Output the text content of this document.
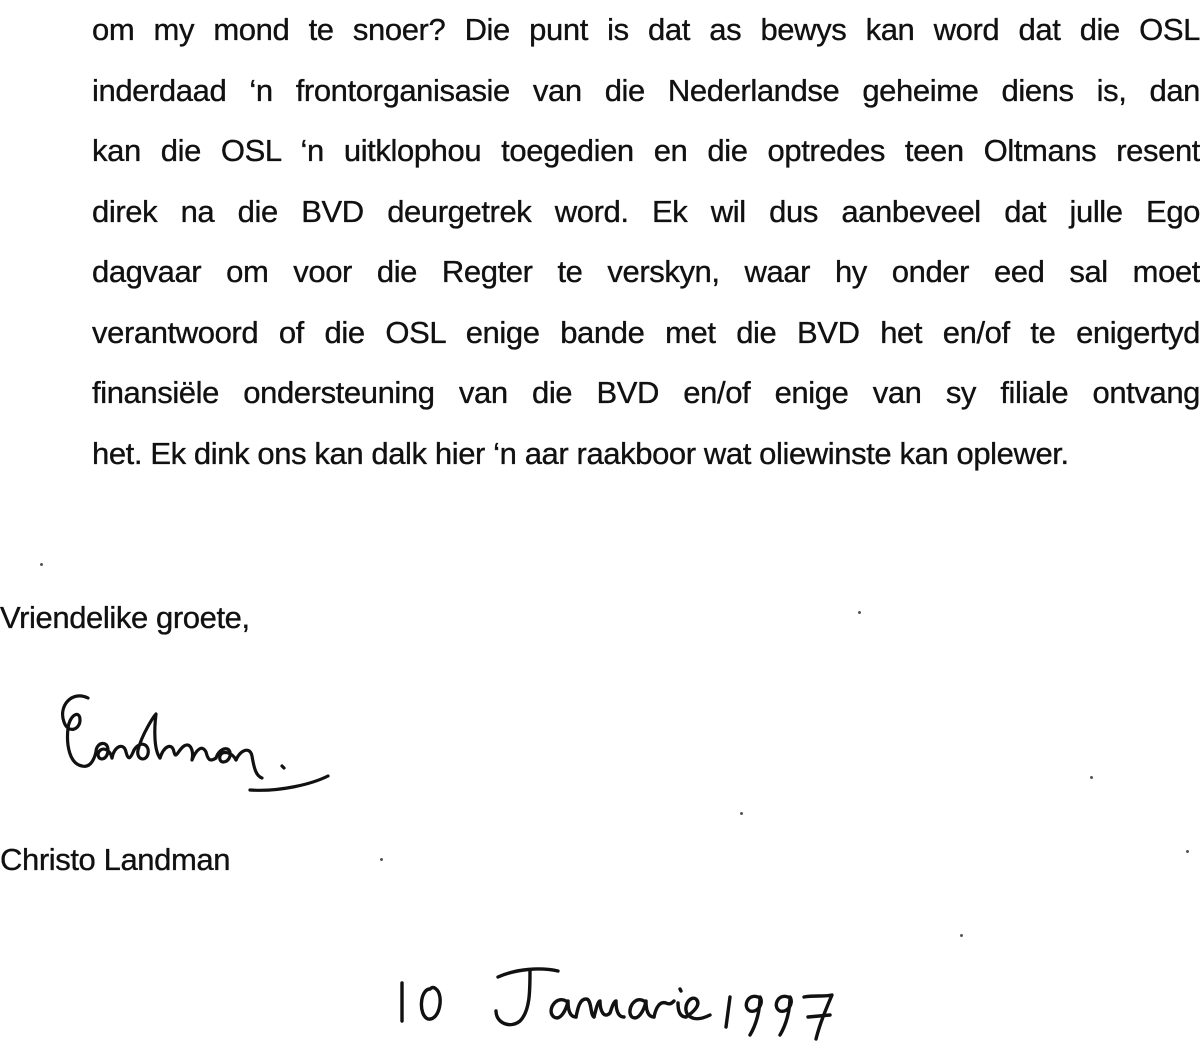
om my mond te snoer? Die punt is dat as bewys kan word dat die OSL
inderdaad ‘n frontorganisasie van die Nederlandse geheime diens is, dan
kan die OSL ‘n uitklophou toegedien en die optredes teen Oltmans resent
direk na die BVD deurgetrek word. Ek wil dus aanbeveel dat julle Ego
dagvaar om voor die Regter te verskyn, waar hy onder eed sal moet
verantwoord of die OSL enige bande met die BVD het en/of te enigertyd
finansiële ondersteuning van die BVD en/of enige van sy filiale ontvang
het. Ek dink ons kan dalk hier ‘n aar raakboor wat oliewinste kan oplewer.
Vriendelike groete,
Christo Landman
